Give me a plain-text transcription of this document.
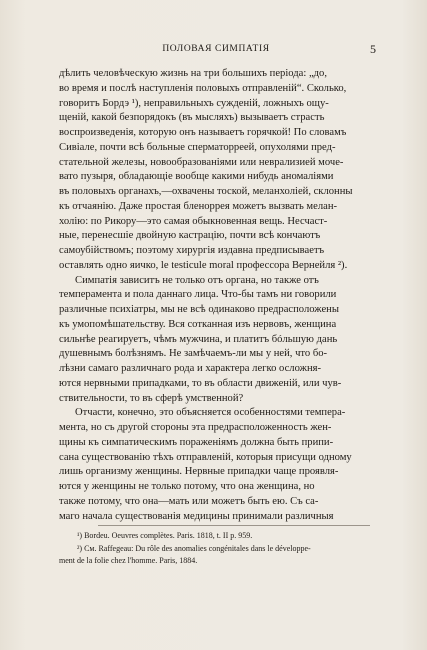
ПОЛОВАЯ СИМПАТІЯ	5
дѣлить человѣческую жизнь на три большихъ періода: „до,
во время и послѣ наступленія половыхъ отправленій“. Сколько,
говоритъ Бордэ ¹), неправильныхъ сужденій, ложныхъ ощу-
щеній, какой безпорядокъ (въ мысляхъ) вызываетъ страсть
воспроизведенія, которую онъ называетъ горячкой! По словамъ
Сивіале, почти всѣ больные сперматорреей, опухолями пред-
стательной железы, новообразованіями или неврализией моче-
вато пузыря, обладающіе вообще какими нибудь аномаліями
въ половыхъ органахъ,—охвачены тоской, меланхоліей, склонны
къ отчаянію. Даже простая бленоррея можетъ вызвать мелан-
холію: по Рикору—это самая обыкновенная вещь. Несчаст-
ные, перенесшіе двойную кастрацію, почти всѣ кончаютъ
самоубійствомъ; поэтому хирургія издавна предписываетъ
оставлять одно яичко, le testicule moral профессора Вернейля ²).
Симпатія зависитъ не только отъ органа, но также отъ
темперамента и пола даннаго лица. Что-бы тамъ ни говорили
различные психіатры, мы не всѣ одинаково предрасположены
къ умопомѣшательству. Вся сотканная изъ нервовъ, женщина
сильнѣе реагируетъ, чѣмъ мужчина, и платитъ бóльшую дань
душевнымъ болѣзнямъ. Не замѣчаемъ-ли мы у ней, что бо-
лѣзни самаго различнаго рода и характера легко осложня-
ются нервными припадками, то въ области движеній, или чув-
ствительности, то въ сферѣ умственной?
Отчасти, конечно, это объясняется особенностями темпера-
мента, но съ другой стороны эта предрасположенность жен-
щины къ симпатическимъ пораженіямъ должна быть припи-
сана существованію тѣхъ отправленій, которыя присущи одному
лишь организму женщины. Нервные припадки чаще проявля-
ются у женщины не только потому, что она женщина, но
также потому, что она—мать или можетъ быть ею. Съ са-
маго начала существованія медицины принимали различныя
¹) Bordeu. Oeuvres complètes. Paris. 1818, t. II p. 959.
²) См. Raffegeau: Du rôle des anomalies congénitales dans le développe-
ment de la folie chez l'homme. Paris, 1884.
